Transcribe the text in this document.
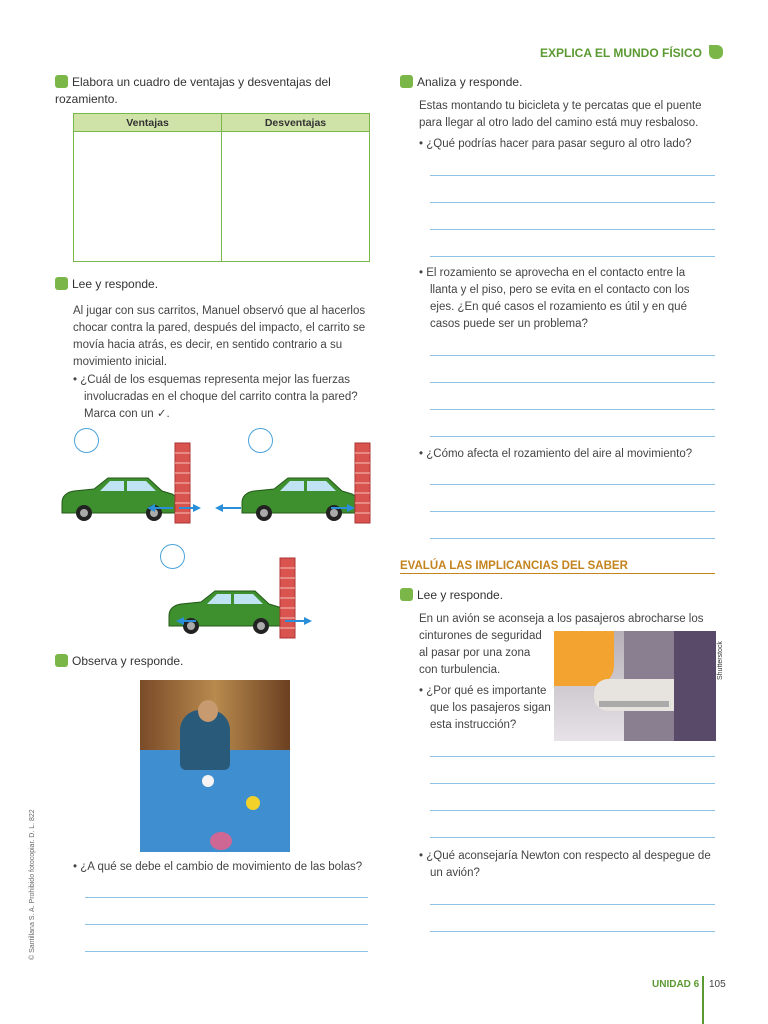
EXPLICA EL MUNDO FÍSICO
Elabora un cuadro de ventajas y desventajas del rozamiento.
Ventajas	Desventajas

Lee y responde.
Al jugar con sus carritos, Manuel observó que al hacerlos chocar contra la pared, después del impacto, el carrito se movía hacia atrás, es decir, en sentido contrario a su movimiento inicial.
• ¿Cuál de los esquemas representa mejor las fuerzas involucradas en el choque del carrito contra la pared? Marca con un ✓.
Observa y responde.
• ¿A qué se debe el cambio de movimiento de las bolas?
© Santillana S. A. Prohibido fotocopiar. D. L. 822
Analiza y responde.
Estas montando tu bicicleta y te percatas que el puente para llegar al otro lado del camino está muy resbaloso.
• ¿Qué podrías hacer para pasar seguro al otro lado?
• El rozamiento se aprovecha en el contacto entre la llanta y el piso, pero se evita en el contacto con los ejes. ¿En qué casos el rozamiento es útil y en qué casos puede ser un problema?
• ¿Cómo afecta el rozamiento del aire al movimiento?
EVALÚA LAS IMPLICANCIAS DEL SABER
Lee y responde.
En un avión se aconseja a los pasajeros abrocharse los
cinturones de seguridad al pasar por una zona con turbulencia.
• ¿Por qué es importante que los pasajeros sigan esta instrucción?
Shutterstock
• ¿Qué aconsejaría Newton con respecto al despegue de un avión?
UNIDAD 6 105
